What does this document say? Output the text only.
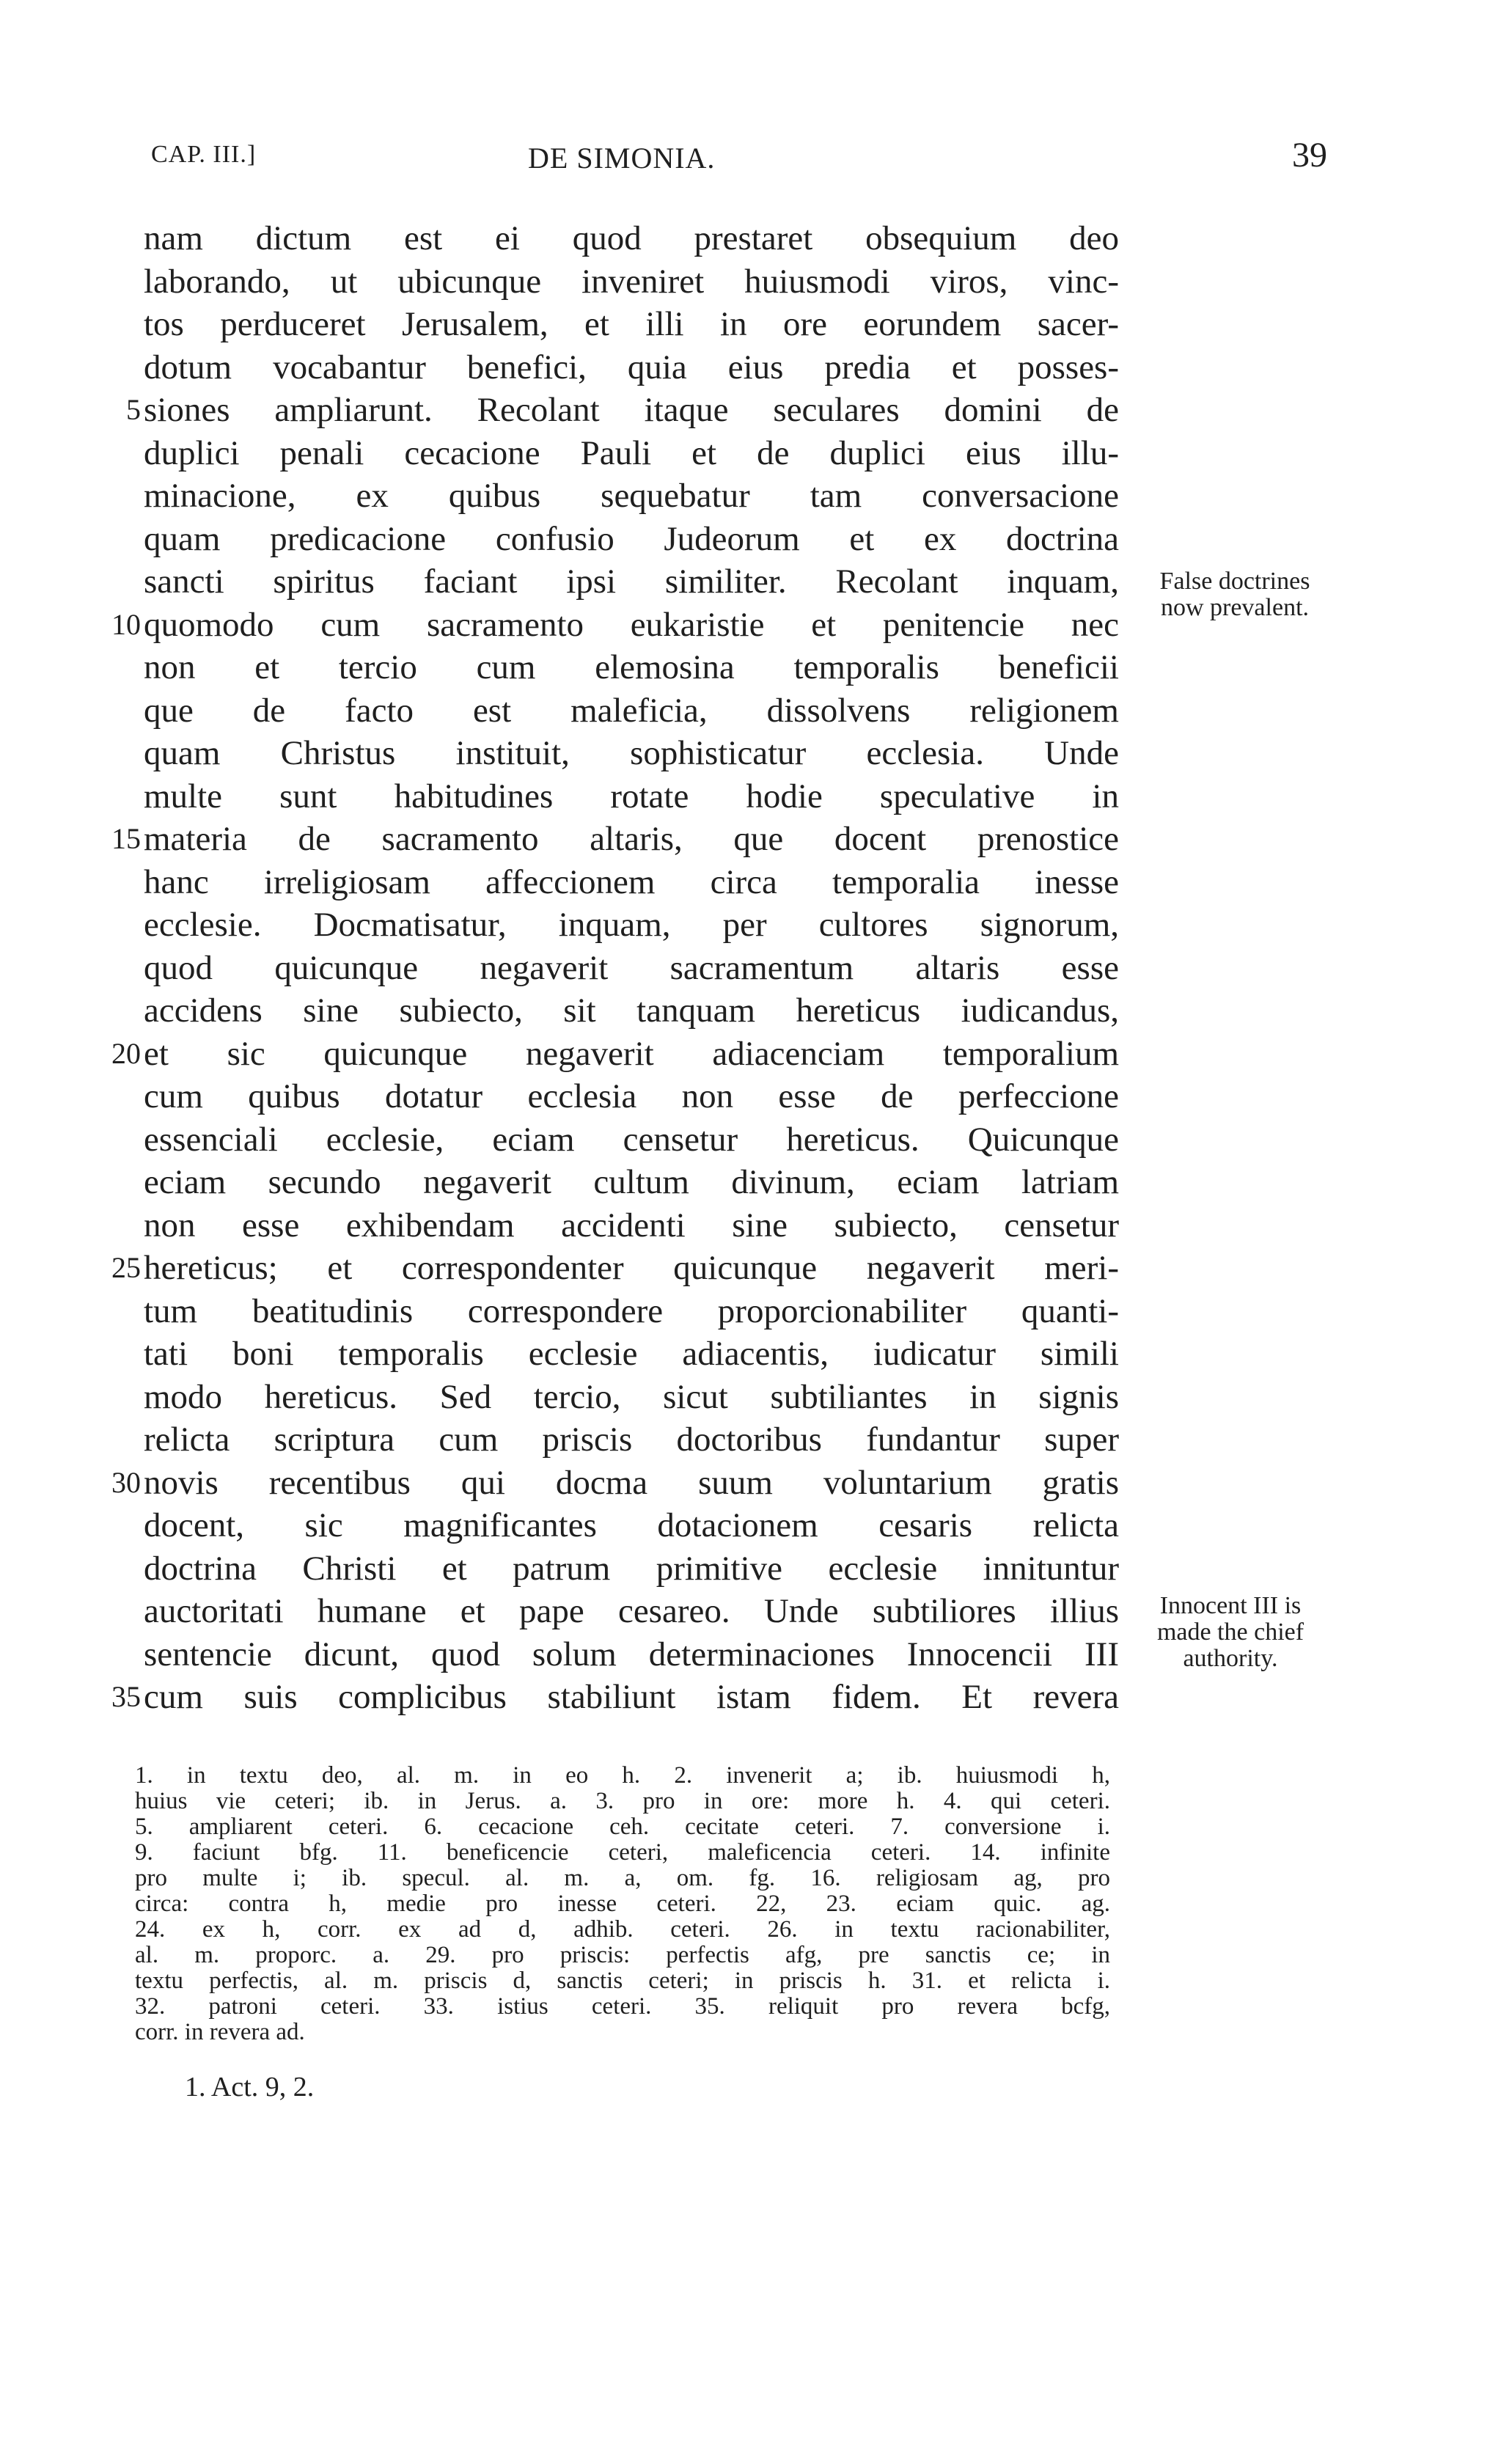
CAP. III.]	DE SIMONIA.	39
nam dictum est ei quod prestaret obsequium deo
laborando, ut ubicunque inveniret huiusmodi viros, vinc-
tos perduceret Jerusalem, et illi in ore eorundem sacer-
dotum vocabantur benefici, quia eius predia et posses-
5 siones ampliarunt. Recolant itaque seculares domini de
duplici penali cecacione Pauli et de duplici eius illu-
minacione, ex quibus sequebatur tam conversacione
quam predicacione confusio Judeorum et ex doctrina
sancti spiritus faciant ipsi similiter. Recolant inquam,
10 quomodo cum sacramento eukaristie et penitencie nec
non et tercio cum elemosina temporalis beneficii
que de facto est maleficia, dissolvens religionem
quam Christus instituit, sophisticatur ecclesia. Unde
multe sunt habitudines rotate hodie speculative in
15 materia de sacramento altaris, que docent prenostice
hanc irreligiosam affeccionem circa temporalia inesse
ecclesie. Docmatisatur, inquam, per cultores signorum,
quod quicunque negaverit sacramentum altaris esse
accidens sine subiecto, sit tanquam hereticus iudicandus,
20 et sic quicunque negaverit adiacenciam temporalium
cum quibus dotatur ecclesia non esse de perfeccione
essenciali ecclesie, eciam censetur hereticus. Quicunque
eciam secundo negaverit cultum divinum, eciam latriam
non esse exhibendam accidenti sine subiecto, censetur
25 hereticus; et correspondenter quicunque negaverit meri-
tum beatitudinis correspondere proporcionabiliter quanti-
tati boni temporalis ecclesie adiacentis, iudicatur simili
modo hereticus. Sed tercio, sicut subtiliantes in signis
relicta scriptura cum priscis doctoribus fundantur super
30 novis recentibus qui docma suum voluntarium gratis
docent, sic magnificantes dotacionem cesaris relicta
doctrina Christi et patrum primitive ecclesie innituntur
auctoritati humane et pape cesareo. Unde subtiliores illius
sentencie dicunt, quod solum determinaciones Innocencii III
35 cum suis complicibus stabiliunt istam fidem. Et revera
False doctrines
now prevalent.
Innocent III is
made the chief
authority.
1. in textu deo, al. m. in eo h. 2. invenerit a; ib. huiusmodi h,
huius vie ceteri; ib. in Jerus. a. 3. pro in ore: more h. 4. qui ceteri.
5. ampliarent ceteri. 6. cecacione ceh. cecitate ceteri. 7. conversione i.
9. faciunt bfg. 11. beneficencie ceteri, maleficencia ceteri. 14. infinite
pro multe i; ib. specul. al. m. a, om. fg. 16. religiosam ag, pro
circa: contra h, medie pro inesse ceteri. 22, 23. eciam quic. ag.
24. ex h, corr. ex ad d, adhib. ceteri. 26. in textu racionabiliter,
al. m. proporc. a. 29. pro priscis: perfectis afg, pre sanctis ce; in
textu perfectis, al. m. priscis d, sanctis ceteri; in priscis h. 31. et relicta i.
32. patroni ceteri. 33. istius ceteri. 35. reliquit pro revera bcfg,
corr. in revera ad.
1. Act. 9, 2.
